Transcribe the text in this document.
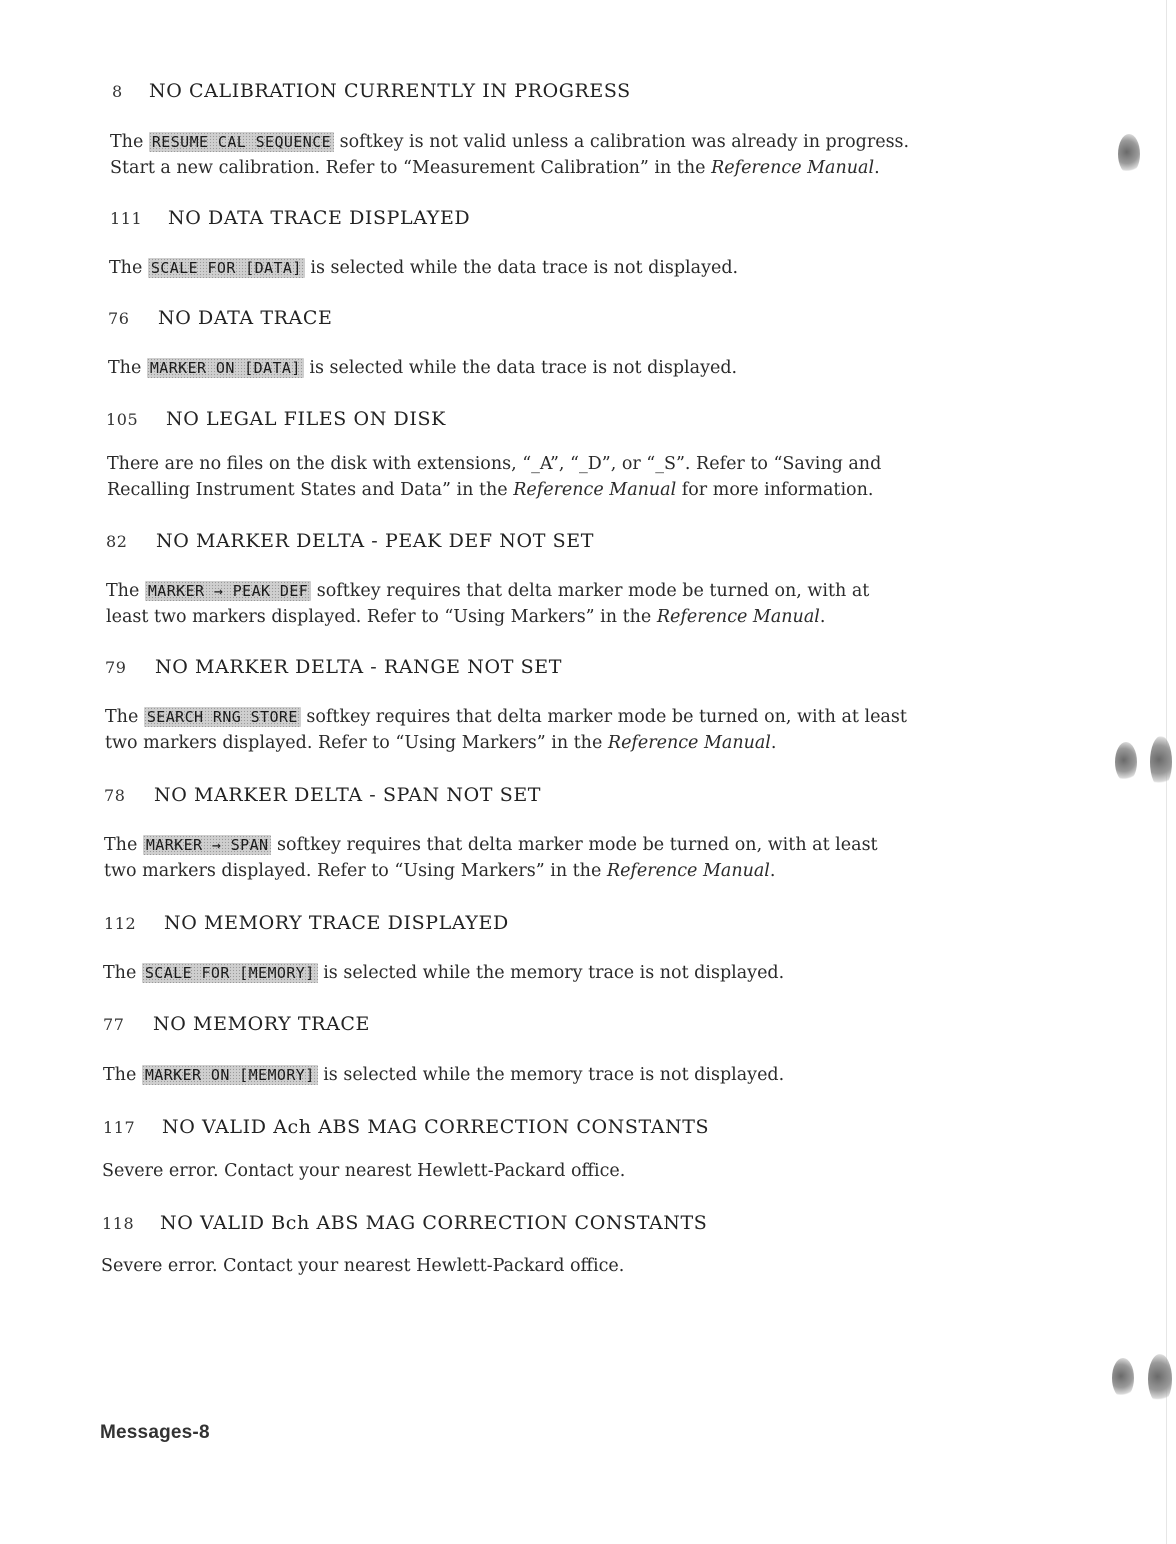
8 NO CALIBRATION CURRENTLY IN PROGRESS
The RESUME CAL SEQUENCE softkey is not valid unless a calibration was already in progress.
Start a new calibration. Refer to “Measurement Calibration” in the Reference Manual.
111 NO DATA TRACE DISPLAYED
The SCALE FOR [DATA] is selected while the data trace is not displayed.
76 NO DATA TRACE
The MARKER ON [DATA] is selected while the data trace is not displayed.
105 NO LEGAL FILES ON DISK
There are no files on the disk with extensions, “_A”, “_D”, or “_S”. Refer to “Saving and
Recalling Instrument States and Data” in the Reference Manual for more information.
82 NO MARKER DELTA - PEAK DEF NOT SET
The MARKER → PEAK DEF softkey requires that delta marker mode be turned on, with at
least two markers displayed. Refer to “Using Markers” in the Reference Manual.
79 NO MARKER DELTA - RANGE NOT SET
The SEARCH RNG STORE softkey requires that delta marker mode be turned on, with at least
two markers displayed. Refer to “Using Markers” in the Reference Manual.
78 NO MARKER DELTA - SPAN NOT SET
The MARKER → SPAN softkey requires that delta marker mode be turned on, with at least
two markers displayed. Refer to “Using Markers” in the Reference Manual.
112 NO MEMORY TRACE DISPLAYED
The SCALE FOR [MEMORY] is selected while the memory trace is not displayed.
77 NO MEMORY TRACE
The MARKER ON [MEMORY] is selected while the memory trace is not displayed.
117 NO VALID Ach ABS MAG CORRECTION CONSTANTS
Severe error. Contact your nearest Hewlett-Packard office.
118 NO VALID Bch ABS MAG CORRECTION CONSTANTS
Severe error. Contact your nearest Hewlett-Packard office.
Messages-8
